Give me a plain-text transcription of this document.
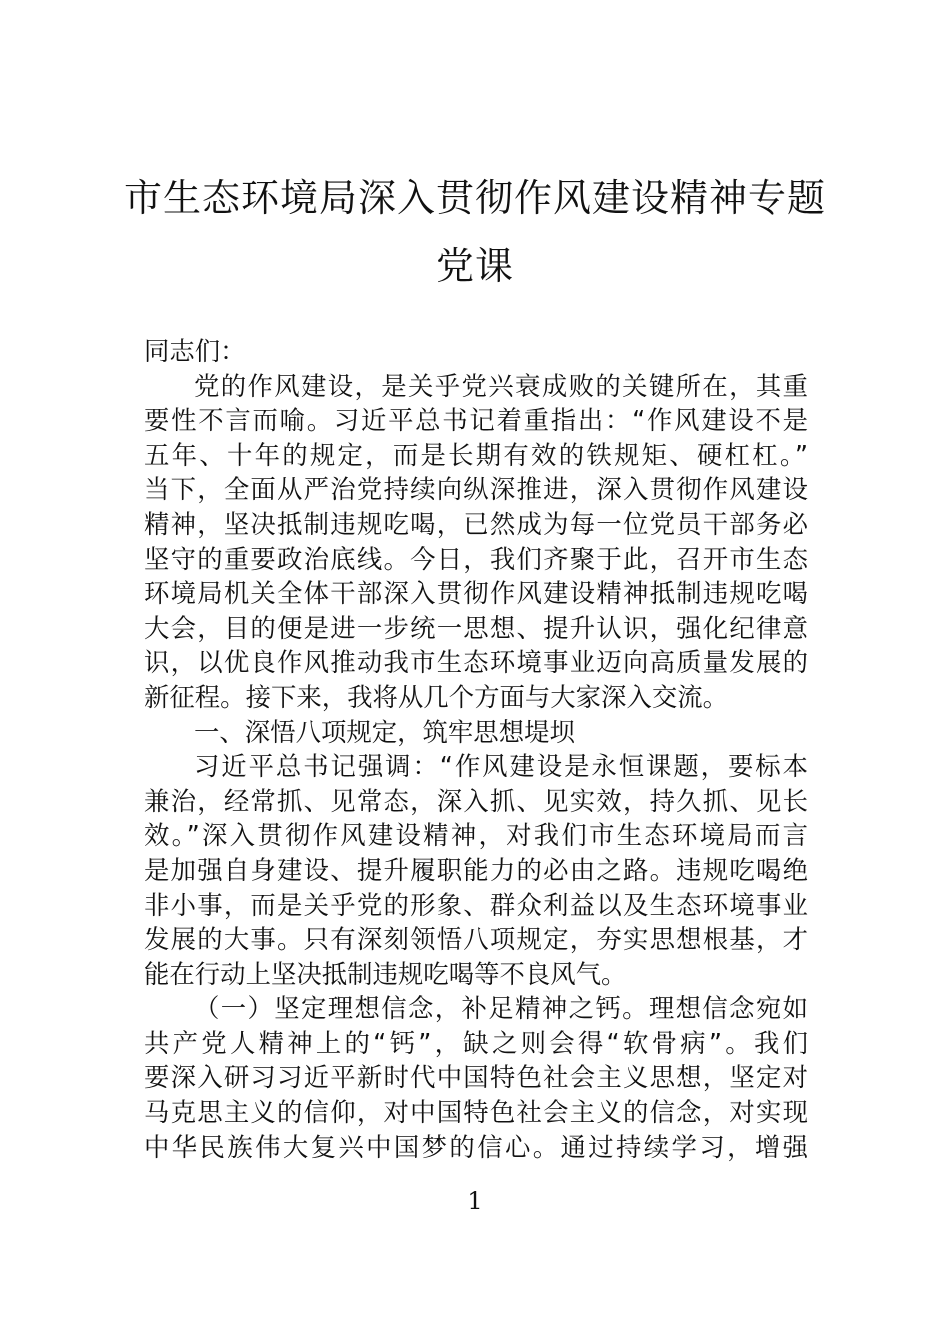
市生态环境局深入贯彻作风建设精神专题
党课
同志们：
党的作风建设，是关乎党兴衰成败的关键所在，其重
要性不言而喻。习近平总书记着重指出：“作风建设不是
五年、十年的规定，而是长期有效的铁规矩、硬杠杠。”
当下，全面从严治党持续向纵深推进，深入贯彻作风建设
精神，坚决抵制违规吃喝，已然成为每一位党员干部务必
坚守的重要政治底线。今日，我们齐聚于此，召开市生态
环境局机关全体干部深入贯彻作风建设精神抵制违规吃喝
大会，目的便是进一步统一思想、提升认识，强化纪律意
识，以优良作风推动我市生态环境事业迈向高质量发展的
新征程。接下来，我将从几个方面与大家深入交流。
一、深悟八项规定，筑牢思想堤坝
习近平总书记强调：“作风建设是永恒课题，要标本
兼治，经常抓、见常态，深入抓、见实效，持久抓、见长
效。”深入贯彻作风建设精神，对我们市生态环境局而言
是加强自身建设、提升履职能力的必由之路。违规吃喝绝
非小事，而是关乎党的形象、群众利益以及生态环境事业
发展的大事。只有深刻领悟八项规定，夯实思想根基，才
能在行动上坚决抵制违规吃喝等不良风气。
（一）坚定理想信念，补足精神之钙。理想信念宛如
共产党人精神上的“钙”，缺之则会得“软骨病”。我们
要深入研习习近平新时代中国特色社会主义思想，坚定对
马克思主义的信仰，对中国特色社会主义的信念，对实现
中华民族伟大复兴中国梦的信心。通过持续学习，增强
1
